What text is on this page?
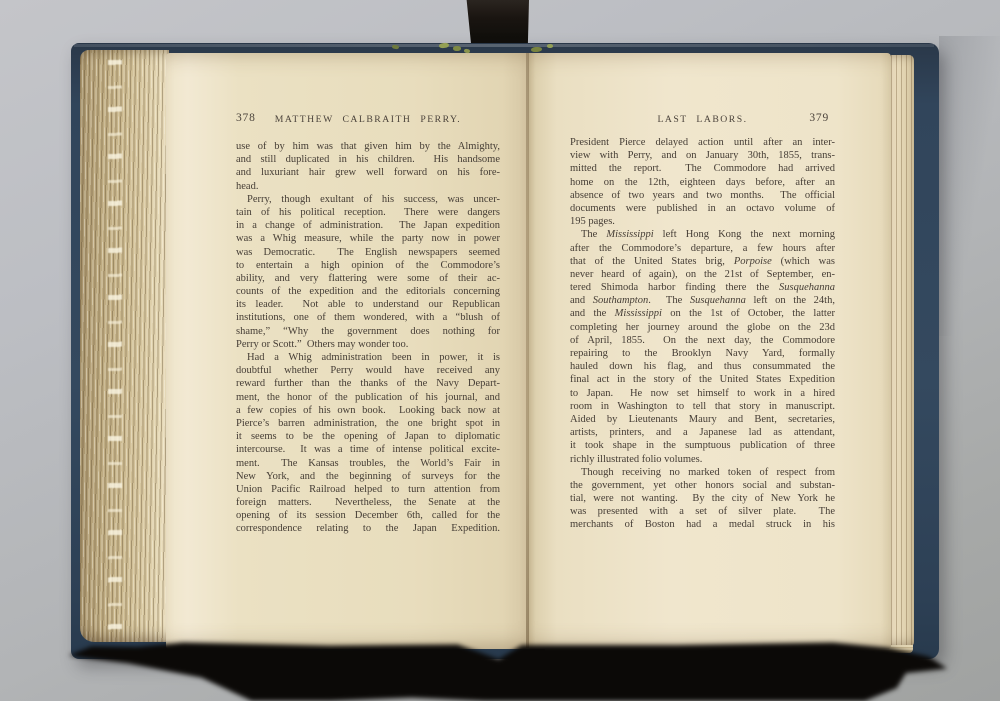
378 MATTHEW CALBRAITH PERRY.
use of by him was that given him by the Almighty,
and still duplicated in his children.  His handsome
and luxuriant hair grew well forward on his fore-
head.
Perry, though exultant of his success, was uncer-
tain of his political reception.  There were dangers
in a change of administration.  The Japan expedition
was a Whig measure, while the party now in power
was Democratic.  The English newspapers seemed
to entertain a high opinion of the Commodore’s
ability, and very flattering were some of their ac-
counts of the expedition and the editorials concerning
its leader.  Not able to understand our Republican
institutions, one of them wondered, with a “blush of
shame,” “Why the government does nothing for
Perry or Scott.”  Others may wonder too.
Had a Whig administration been in power, it is
doubtful whether Perry would have received any
reward further than the thanks of the Navy Depart-
ment, the honor of the publication of his journal, and
a few copies of his own book.  Looking back now at
Pierce’s barren administration, the one bright spot in
it seems to be the opening of Japan to diplomatic
intercourse.  It was a time of intense political excite-
ment.  The Kansas troubles, the World’s Fair in
New York, and the beginning of surveys for the
Union Pacific Railroad helped to turn attention from
foreign matters.  Nevertheless, the Senate at the
opening of its session December 6th, called for the
correspondence relating to the Japan Expedition.
LAST LABORS.	379
President Pierce delayed action until after an inter-
view with Perry, and on January 30th, 1855, trans-
mitted the report.  The Commodore had arrived
home on the 12th, eighteen days before, after an
absence of two years and two months.  The official
documents were published in an octavo volume of
195 pages.
The Mississippi left Hong Kong the next morning
after the Commodore’s departure, a few hours after
that of the United States brig, Porpoise (which was
never heard of again), on the 21st of September, en-
tered Shimoda harbor finding there the Susquehanna
and Southampton.  The Susquehanna left on the 24th,
and the Mississippi on the 1st of October, the latter
completing her journey around the globe on the 23d
of April, 1855.  On the next day, the Commodore
repairing to the Brooklyn Navy Yard, formally
hauled down his flag, and thus consummated the
final act in the story of the United States Expedition
to Japan.  He now set himself to work in a hired
room in Washington to tell that story in manuscript.
Aided by Lieutenants Maury and Bent, secretaries,
artists, printers, and a Japanese lad as attendant,
it took shape in the sumptuous publication of three
richly illustrated folio volumes.
Though receiving no marked token of respect from
the government, yet other honors social and substan-
tial, were not wanting.  By the city of New York he
was presented with a set of silver plate.  The
merchants of Boston had a medal struck in his
